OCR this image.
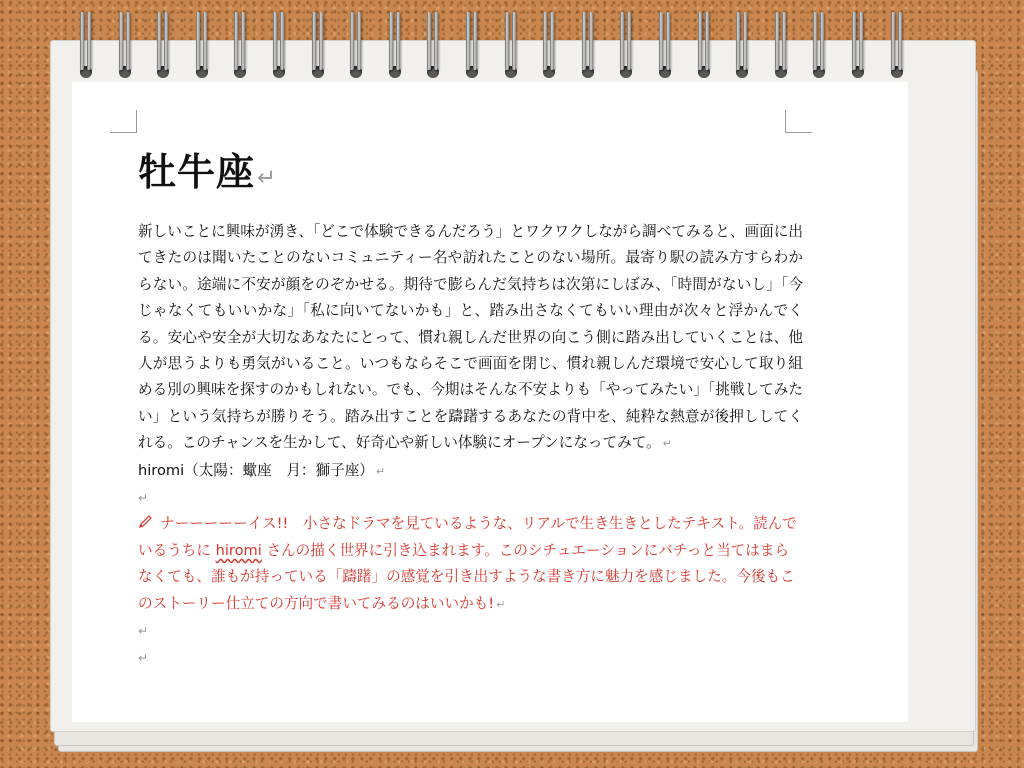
牡牛座↵

新しいことに興味が湧き、「どこで体験できるんだろう」とワクワクしながら調べてみると、画面に出てきたのは聞いたことのないコミュニティー名や訪れたことのない場所。最寄り駅の読み方すらわからない。途端に不安が顔をのぞかせる。期待で膨らんだ気持ちは次第にしぼみ、「時間がないし」「今じゃなくてもいいかな」「私に向いてないかも」と、踏み出さなくてもいい理由が次々と浮かんでくる。安心や安全が大切なあなたにとって、慣れ親しんだ世界の向こう側に踏み出していくことは、他人が思うよりも勇気がいること。いつもならそこで画面を閉じ、慣れ親しんだ環境で安心して取り組める別の興味を探すのかもしれない。でも、今期はそんな不安よりも「やってみたい」「挑戦してみたい」という気持ちが勝りそう。踏み出すことを躊躇するあなたの背中を、純粋な熱意が後押ししてくれる。このチャンスを生かして、好奇心や新しい体験にオープンになってみて。 ↵

hiromi（太陽：蠍座　月：獅子座） ↵

↵

ナーーーーーイス!!　小さなドラマを見ているような、リアルで生き生きとしたテキスト。読んでいるうちに hiromi さんの描く世界に引き込まれます。このシチュエーションにバチっと当てはまらなくても、誰もが持っている「躊躇」の感覚を引き出すような書き方に魅力を感じました。今後もこのストーリー仕立ての方向で書いてみるのはいいかも! ↵

↵

↵
